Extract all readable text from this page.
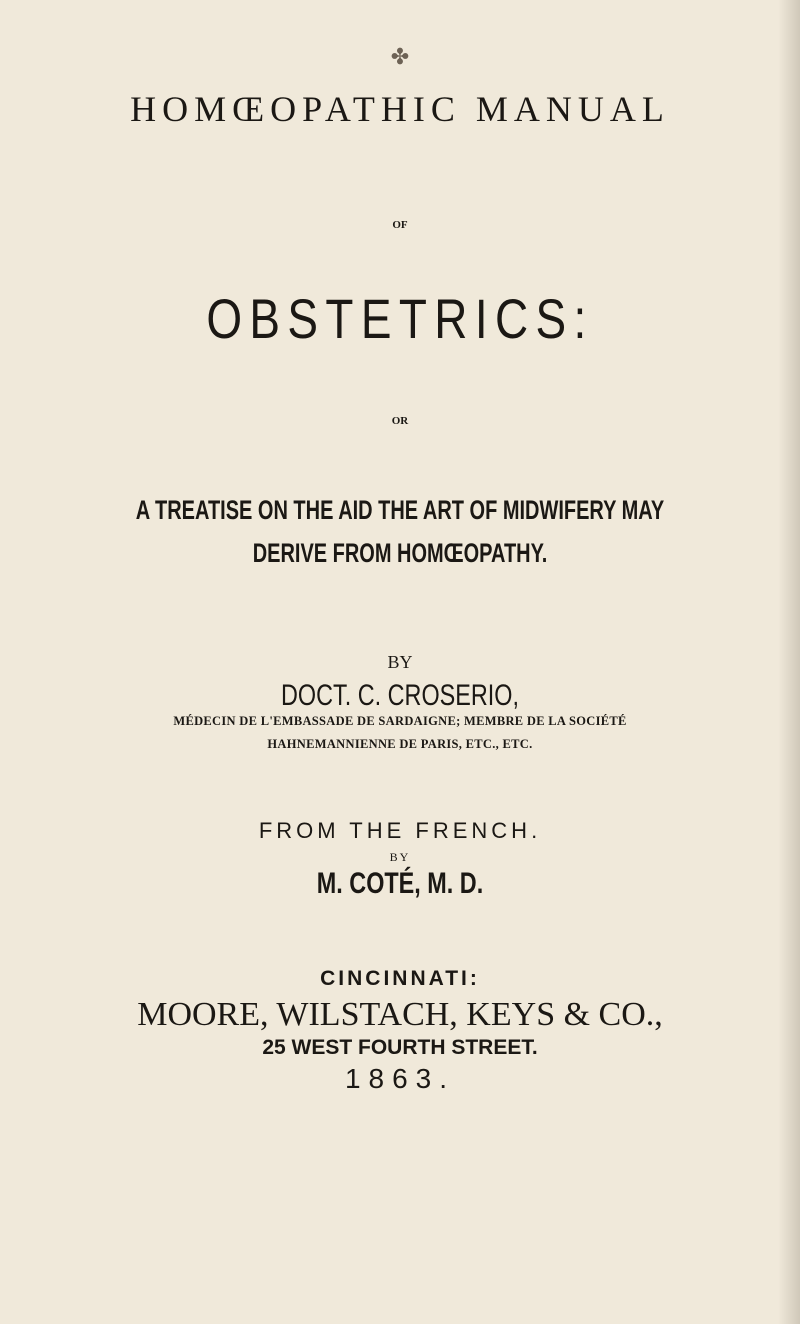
✤
HOMŒOPATHIC MANUAL
OF
OBSTETRICS:
OR
A TREATISE ON THE AID THE ART OF MIDWIFERY MAY
DERIVE FROM HOMŒOPATHY.
BY
DOCT. C. CROSERIO,
MÉDECIN DE L'EMBASSADE DE SARDAIGNE; MEMBRE DE LA SOCIÉTÉ
HAHNEMANNIENNE DE PARIS, ETC., ETC.
FROM THE FRENCH.
BY
M. COTÉ, M. D.
CINCINNATI:
MOORE, WILSTACH, KEYS & CO.,
25 WEST FOURTH STREET.
1863.
